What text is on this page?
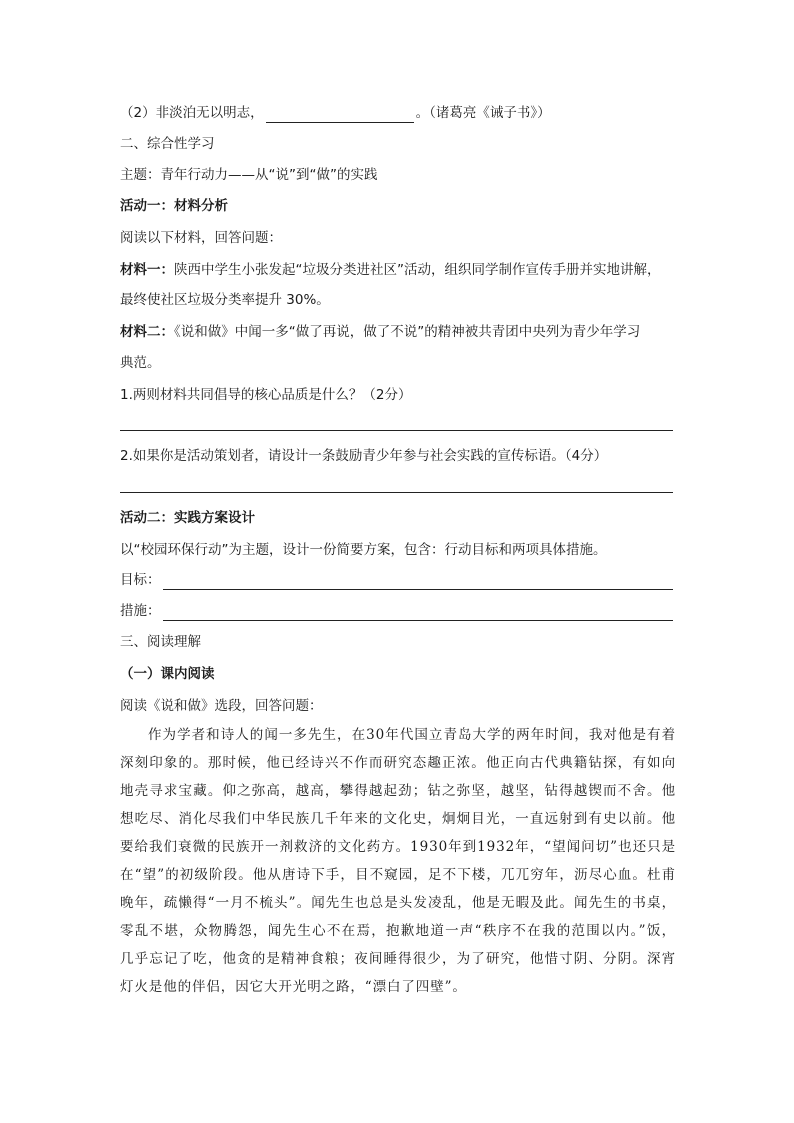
（2）非淡泊无以明志，	。（诸葛亮《诫子书》）
二、综合性学习
主题：青年行动力——从“说”到“做”的实践
活动一：材料分析
阅读以下材料，回答问题：
材料一：陕西中学生小张发起“垃圾分类进社区”活动，组织同学制作宣传手册并实地讲解，
最终使社区垃圾分类率提升 30%。
材料二：《说和做》中闻一多“做了再说，做了不说”的精神被共青团中央列为青少年学习
典范。
1.两则材料共同倡导的核心品质是什么？（2分）
2.如果你是活动策划者，请设计一条鼓励青少年参与社会实践的宣传标语。（4分）
活动二：实践方案设计
以“校园环保行动”为主题，设计一份简要方案，包含：行动目标和两项具体措施。
目标：
措施：
三、阅读理解
（一）课内阅读
阅读《说和做》选段，回答问题：

作为学者和诗人的闻一多先生，在30年代国立青岛大学的两年时间，我对他是有着深刻印象的。那时候，他已经诗兴不作而研究态趣正浓。他正向古代典籍钻探，有如向地壳寻求宝藏。仰之弥高，越高，攀得越起劲；钻之弥坚，越坚，钻得越锲而不舍。他想吃尽、消化尽我们中华民族几千年来的文化史，炯炯目光，一直远射到有史以前。他要给我们衰微的民族开一剂救济的文化药方。1930年到1932年，“望闻问切”也还只是在“望”的初级阶段。他从唐诗下手，目不窥园，足不下楼，兀兀穷年，沥尽心血。杜甫晚年，疏懒得“一月不梳头”。闻先生也总是头发凌乱，他是无暇及此。闻先生的书桌，零乱不堪，众物腾怨，闻先生心不在焉，抱歉地道一声“秩序不在我的范围以内。”饭，几乎忘记了吃，他贪的是精神食粮；夜间睡得很少，为了研究，他惜寸阴、分阴。深宵灯火是他的伴侣，因它大开光明之路，“漂白了四壁”。
